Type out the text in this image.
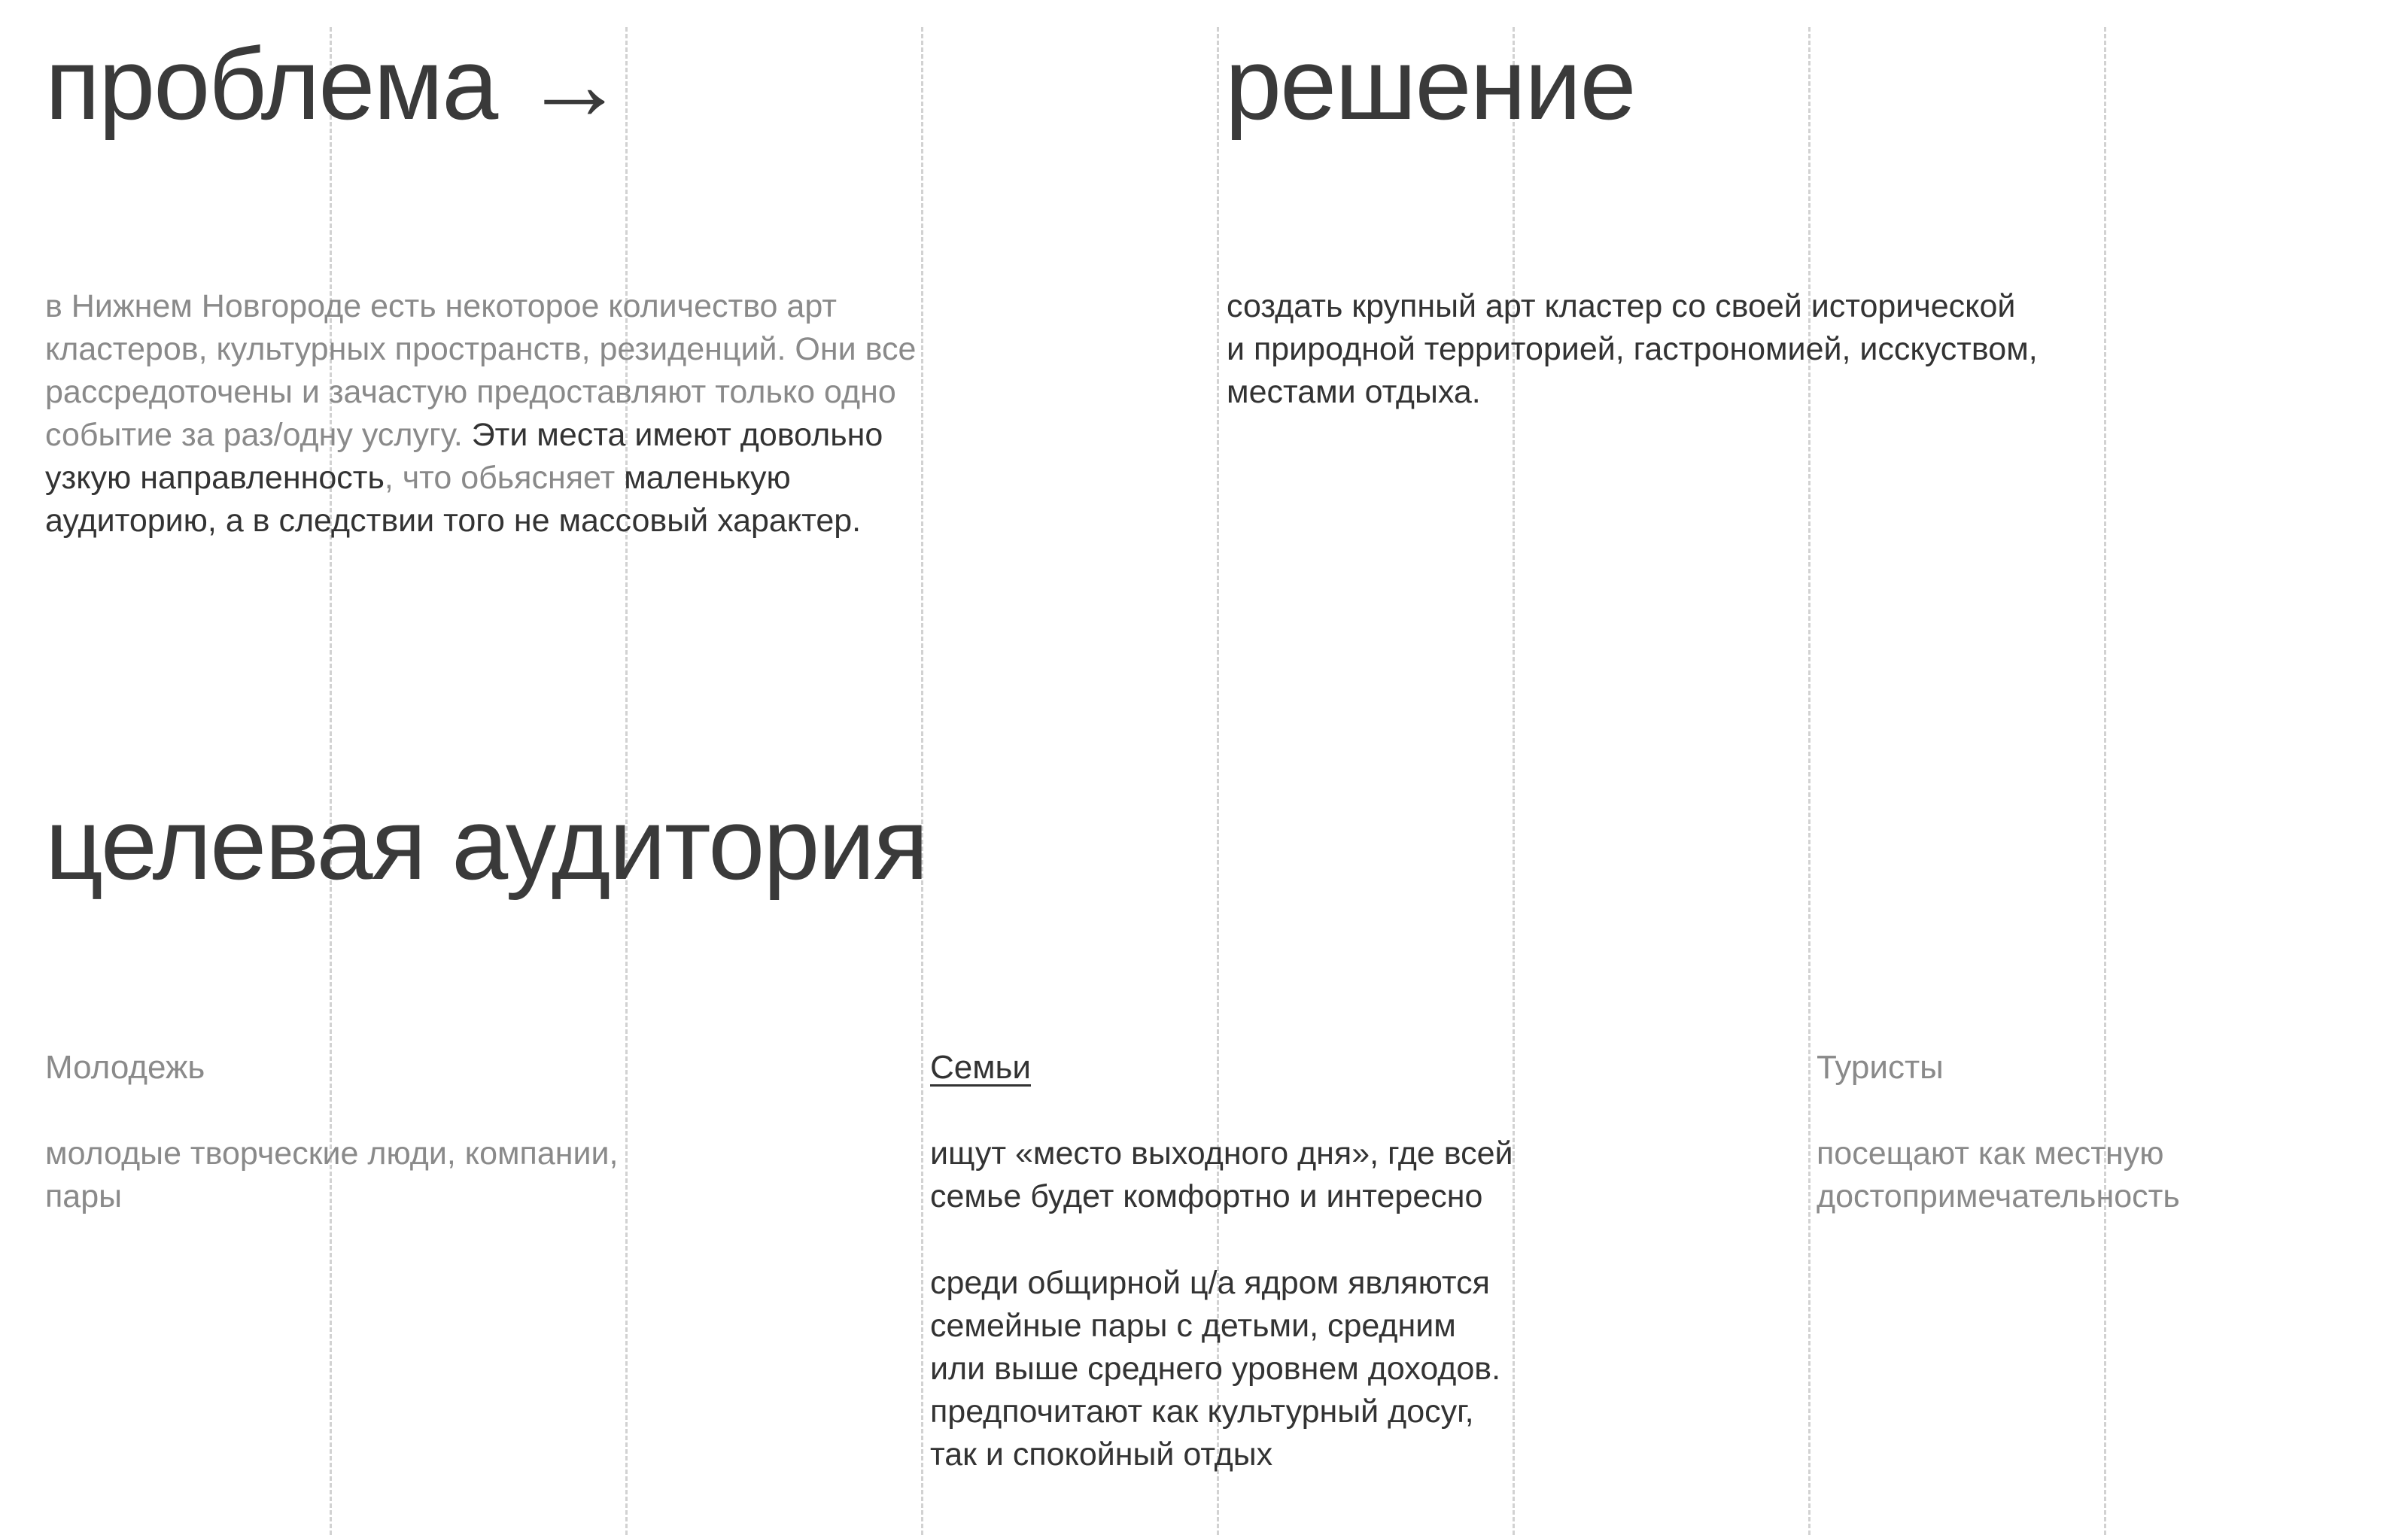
проблема →

в Нижнем Новгороде есть некоторое количество арт кластеров, культурных пространств, резиденций. Они все рассредоточены и зачастую предоставляют только одно событие за раз/одну услугу. Эти места имеют довольно узкую направленность, что обьясняет маленькую аудиторию, а в следствии того не массовый характер.

решение

создать крупный арт кластер со своей исторической
и природной территорией, гастрономией, исскуством,
местами отдыха.

целевая аудитория

Молодежь

молодые творческие люди, компании,
пары

Семьи

ищут «место выходного дня», где всей
семье будет комфортно и интересно

среди общирной ц/а ядром являются
семейные пары с детьми, средним
или выше среднего уровнем доходов.
предпочитают как культурный досуг,
так и спокойный отдых

Туристы

посещают как местную
достопримечательность
